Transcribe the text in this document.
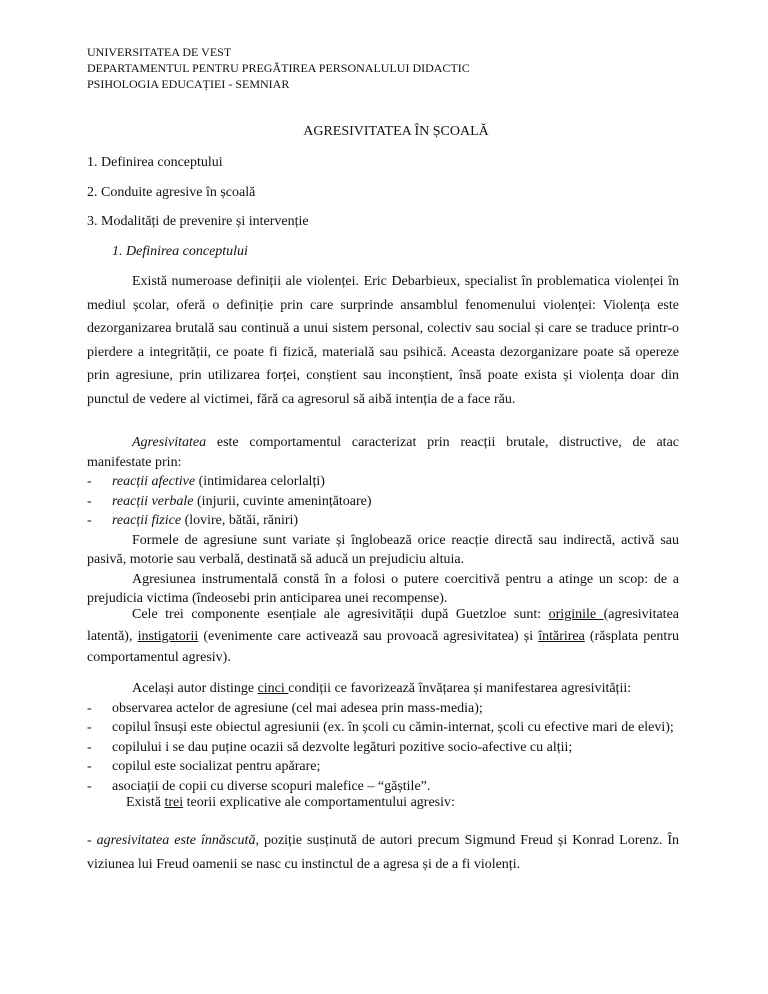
UNIVERSITATEA DE VEST
DEPARTAMENTUL PENTRU PREGĂTIREA PERSONALULUI DIDACTIC
PSIHOLOGIA EDUCAȚIEI - SEMNIAR
AGRESIVITATEA ÎN ȘCOALĂ
1. Definirea conceptului
2. Conduite agresive în școală
3. Modalități de prevenire și intervenție
1. Definirea conceptului
Există numeroase definiții ale violenței. Eric Debarbieux, specialist în problematica violenței în mediul școlar, oferă o definiție prin care surprinde ansamblul fenomenului violenței: Violența este dezorganizarea brutală sau continuă a unui sistem personal, colectiv sau social și care se traduce printr-o pierdere a integrității, ce poate fi fizică, materială sau psihică. Aceasta dezorganizare poate să opereze prin agresiune, prin utilizarea forței, conștient sau inconștient, însă poate exista și violența doar din punctul de vedere al victimei, fără ca agresorul să aibă intenția de a face rău.
Agresivitatea este comportamentul caracterizat prin reacții brutale, distructive, de atac manifestate prin:
- reacții afective (intimidarea celorlalți)
- reacții verbale (injurii, cuvinte amenințătoare)
- reacții fizice (lovire, bătăi, răniri)
Formele de agresiune sunt variate și înglobează orice reacție directă sau indirectă, activă sau pasivă, motorie sau verbală, destinată să aducă un prejudiciu altuia.
Agresiunea instrumentală constă în a folosi o putere coercitivă pentru a atinge un scop: de a prejudicia victima (îndeosebi prin anticiparea unei recompense).
Cele trei componente esențiale ale agresivității după Guetzloe sunt: originile (agresivitatea latentă), instigatorii (evenimente care activează sau provoacă agresivitatea) și întărirea (răsplata pentru comportamentul agresiv).
Același autor distinge cinci condiții ce favorizează învățarea și manifestarea agresivității:
- observarea actelor de agresiune (cel mai adesea prin mass-media);
- copilul însuși este obiectul agresiunii (ex. în școli cu cămin-internat, școli cu efective mari de elevi);
- copilului i se dau puține ocazii să dezvolte legături pozitive socio-afective cu alții;
- copilul este socializat pentru apărare;
- asociații de copii cu diverse scopuri malefice – “găștile”.
Există trei teorii explicative ale comportamentului agresiv:
- agresivitatea este înnăscută, poziție susținută de autori precum Sigmund Freud și Konrad Lorenz. În viziunea lui Freud oamenii se nasc cu instinctul de a agresa și de a fi violenți.
